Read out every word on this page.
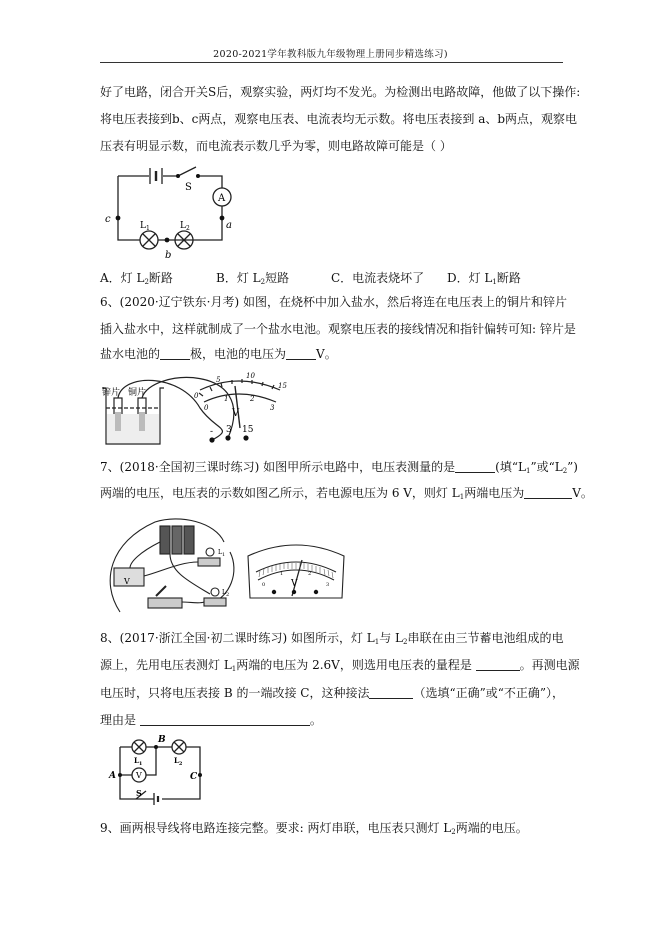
2020-2021学年教科版九年级物理上册同步精选练习)
好了电路，闭合开关S后，观察实验，两灯均不发光。为检测出电路故障，他做了以下操作:
将电压表接到b、c两点，观察电压表、电流表均无示数。将电压表接到 a、b两点，观察电
压表有明显示数，而电流表示数几乎为零，则电路故障可能是（ ）
S
A
a
c
b
$L_1$	$L_2$
A．灯 $L_2$断路	B．灯 $L_2$短路	C．电流表烧坏了 D．灯 $L_1$断路
6、(2020·辽宁铁东·月考) 如图，在烧杯中加入盐水，然后将连在电压表上的铜片和锌片
插入盐水中，这样就制成了一个盐水电池。观察电压表的接线情况和指针偏转可知: 锌片是
盐水电池的	极，电池的电压为	V。
锌片 铜片
V
- 3 15
0
5	10
15
0
1	2
3
7、(2018·全国初三课时练习) 如图甲所示电路中，电压表测量的是	(填“$L_1$”或“$L_2$”)
两端的电压，电压表的示数如图乙所示，若电源电压为 6 V，则灯 $L_1$两端电压为	V。
V
$L_1$
$L_2$
V
0
1	2
3
8、(2017·浙江全国·初二课时练习) 如图所示，灯 $L_1$与 $L_2$串联在由三节蓄电池组成的电
源上，先用电压表测灯 $L_1$两端的电压为 2.6V，则选用电压表的量程是	。再测电源
电压时，只将电压表接 B 的一端改接 C，这种接法	（选填“正确”或“不正确”），
理由是	。
B
A	C
S
V
$L_1$	$L_2$
9、画两根导线将电路连接完整。要求: 两灯串联，电压表只测灯 $L_2$两端的电压。
